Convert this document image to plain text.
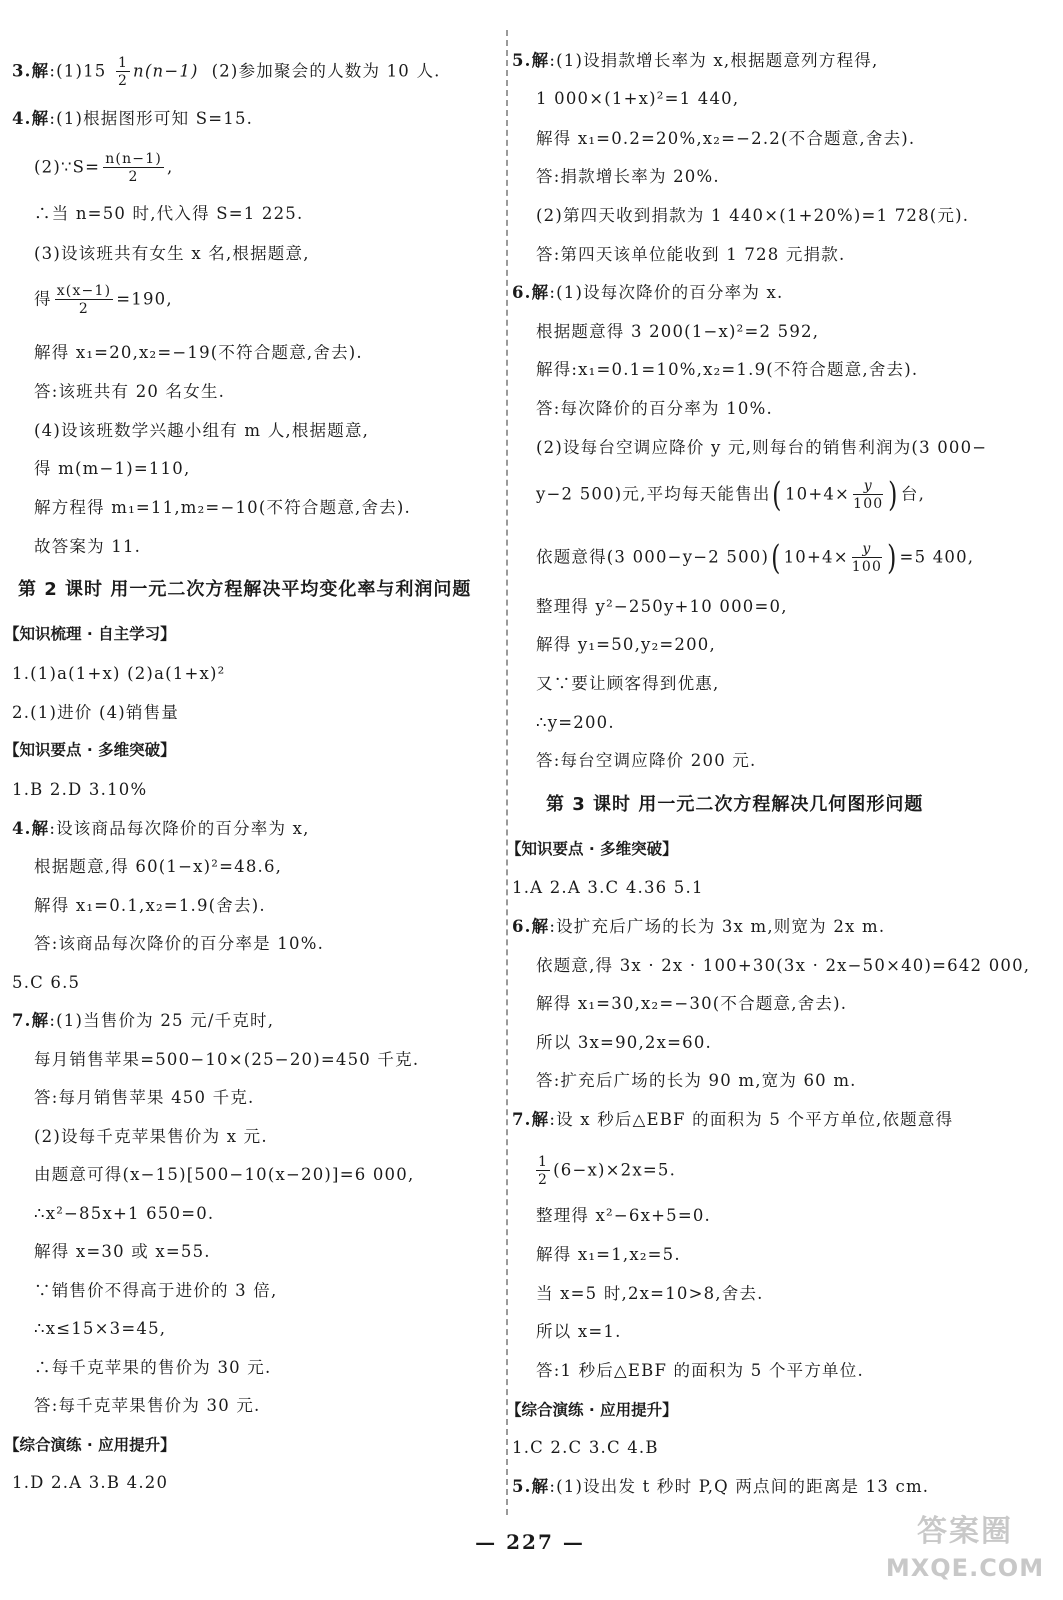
3.解:(1)15 $\frac{1}{2} n(n-1)$ (2)参加聚会的人数为 10 人.
4.解:(1)根据图形可知 S=15.
(2)∵S= $\frac{n(n-1)}{2}$ ,
∴当 n=50 时,代入得 S=1 225.
(3)设该班共有女生 x 名,根据题意,
得 $\frac{x(x-1)}{2} =190$,
解得 x₁=20,x₂=−19(不符合题意,舍去).
答:该班共有 20 名女生.
(4)设该班数学兴趣小组有 m 人,根据题意,
得 m(m−1)=110,
解方程得 m₁=11,m₂=−10(不符合题意,舍去).
故答案为 11.
第 2 课时 用一元二次方程解决平均变化率与利润问题
【知识梳理 · 自主学习】
1.(1)a(1+x) (2)a(1+x)²
2.(1)进价 (4)销售量
【知识要点 · 多维突破】
1.B 2.D 3.10%
4.解:设该商品每次降价的百分率为 x,
根据题意,得 60(1−x)²=48.6,
解得 x₁=0.1,x₂=1.9(舍去).
答:该商品每次降价的百分率是 10%.
5.C 6.5
7.解:(1)当售价为 25 元/千克时,
每月销售苹果=500−10×(25−20)=450 千克.
答:每月销售苹果 450 千克.
(2)设每千克苹果售价为 x 元.
由题意可得(x−15)[500−10(x−20)]=6 000,
∴x²−85x+1 650=0.
解得 x=30 或 x=55.
∵销售价不得高于进价的 3 倍,
∴x≤15×3=45,
∴每千克苹果的售价为 30 元.
答:每千克苹果售价为 30 元.
【综合演练 · 应用提升】
1.D 2.A 3.B 4.20
5.解:(1)设捐款增长率为 x,根据题意列方程得,
1 000×(1+x)²=1 440,
解得 x₁=0.2=20%,x₂=−2.2(不合题意,舍去).
答:捐款增长率为 20%.
(2)第四天收到捐款为 1 440×(1+20%)=1 728(元).
答:第四天该单位能收到 1 728 元捐款.
6.解:(1)设每次降价的百分率为 x.
根据题意得 3 200(1−x)²=2 592,
解得:x₁=0.1=10%,x₂=1.9(不符合题意,舍去).
答:每次降价的百分率为 10%.
(2)设每台空调应降价 y 元,则每台的销售利润为(3 000−
y−2 500)元,平均每天能售出( $10+4\times \frac{y}{100}$ ) 台,
依题意得(3 000−y−2 500)( $10+4\times \frac{y}{100}$ ) =5 400,
整理得 y²−250y+10 000=0,
解得 y₁=50,y₂=200,
又∵要让顾客得到优惠,
∴y=200.
答:每台空调应降价 200 元.
第 3 课时 用一元二次方程解决几何图形问题
【知识要点 · 多维突破】
1.A 2.A 3.C 4.36 5.1
6.解:设扩充后广场的长为 3x m,则宽为 2x m.
依题意,得 3x · 2x · 100+30(3x · 2x−50×40)=642 000,
解得 x₁=30,x₂=−30(不合题意,舍去).
所以 3x=90,2x=60.
答:扩充后广场的长为 90 m,宽为 60 m.
7.解:设 x 秒后△EBF 的面积为 5 个平方单位,依题意得
$\frac{1}{2} (6-x)\times 2x=5$.
整理得 x²−6x+5=0.
解得 x₁=1,x₂=5.
当 x=5 时,2x=10>8,舍去.
所以 x=1.
答:1 秒后△EBF 的面积为 5 个平方单位.
【综合演练 · 应用提升】
1.C 2.C 3.C 4.B
5.解:(1)设出发 t 秒时 P,Q 两点间的距离是 13 cm.
— 227 —	答案圈
MXQE.COM
